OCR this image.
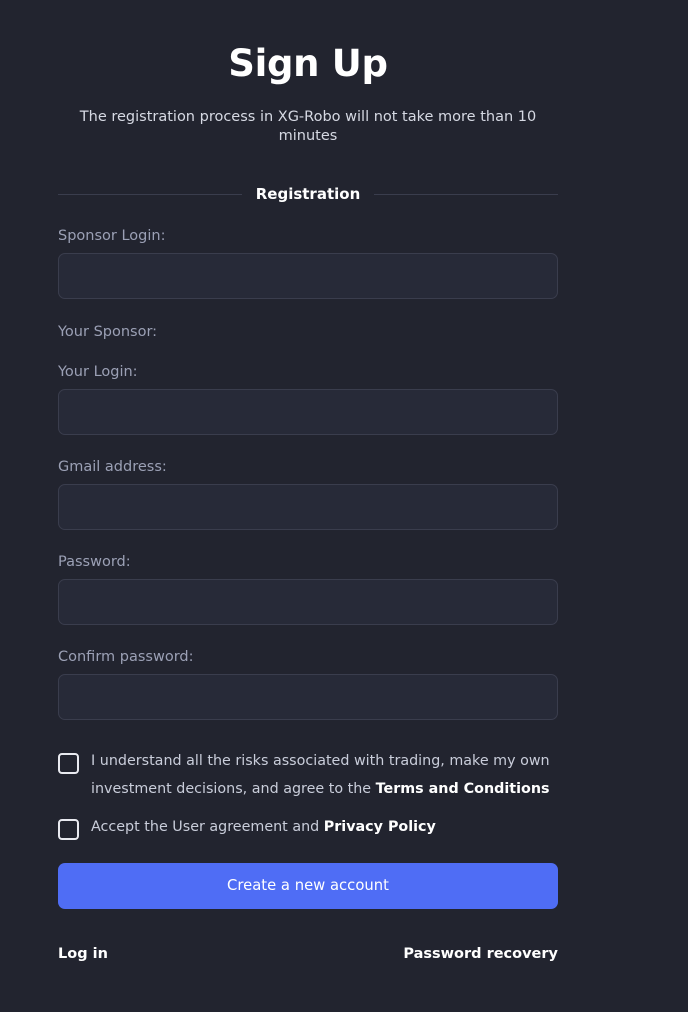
Sign Up

The registration process in XG-Robo will not take more than 10 minutes

Registration
Sponsor Login:
Your Sponsor:
Your Login:
Gmail address:
Password:
Confirm password:
I understand all the risks associated with trading, make my own investment decisions, and agree to the Terms and Conditions
Accept the User agreement and Privacy Policy
Create a new account
Log in	Password recovery
